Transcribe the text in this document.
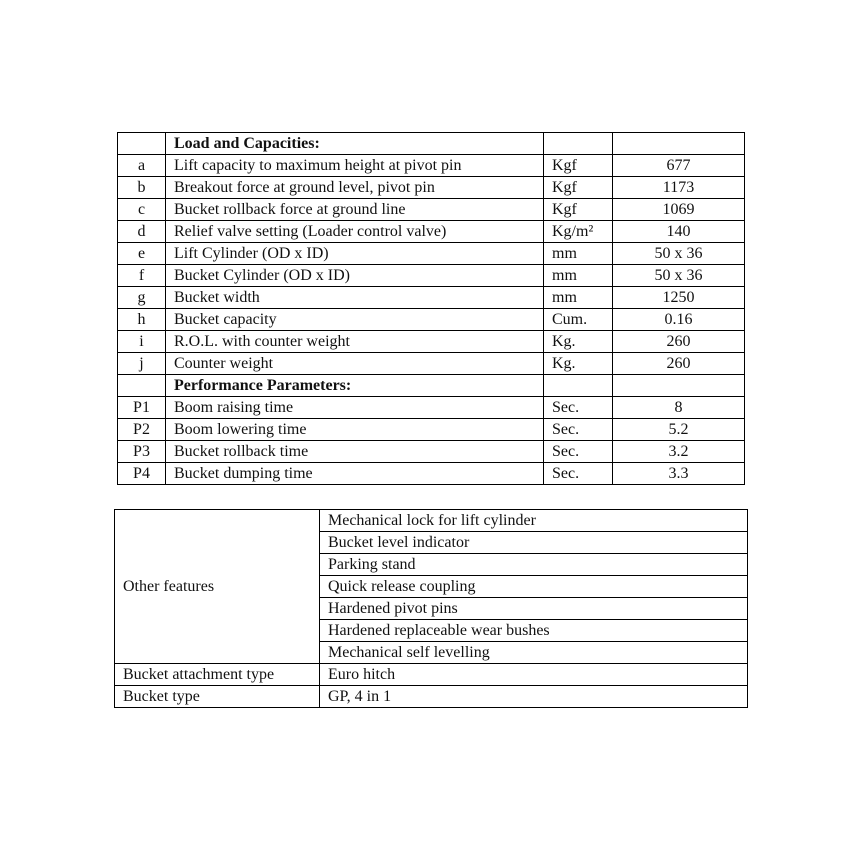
	Load and Capacities:		
a	Lift capacity to maximum height at pivot pin	Kgf	677
b	Breakout force at ground level, pivot pin	Kgf	1173
c	Bucket rollback force at ground line	Kgf	1069
d	Relief valve setting (Loader control valve)	Kg/m²	140
e	Lift Cylinder (OD x ID)	mm	50 x 36
f	Bucket Cylinder (OD x ID)	mm	50 x 36
g	Bucket width	mm	1250
h	Bucket capacity	Cum.	0.16
i	R.O.L. with counter weight	Kg.	260
j	Counter weight	Kg.	260
	Performance Parameters:		
P1	Boom raising time	Sec.	8
P2	Boom lowering time	Sec.	5.2
P3	Bucket rollback time	Sec.	3.2
P4	Bucket dumping time	Sec.	3.3
Other features	Mechanical lock for lift cylinder
	Bucket level indicator
	Parking stand
	Quick release coupling
	Hardened pivot pins
	Hardened replaceable wear bushes
	Mechanical self levelling
Bucket attachment type	Euro hitch
Bucket type	GP, 4 in 1
